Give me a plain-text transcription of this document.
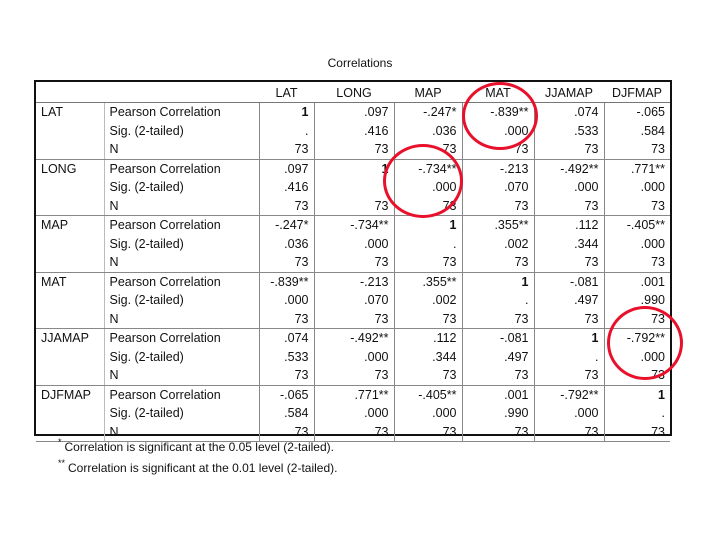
Correlations
		LAT	LONG	MAP	MAT	JJAMAP	DJFMAP
LAT	Pearson Correlation	1	.097	-.247*	-.839**	.074	-.065
	Sig. (2-tailed)	.	.416	.036	.000	.533	.584
	N	73	73	73	73	73	73
LONG	Pearson Correlation	.097	1	-.734**	-.213	-.492**	.771**
	Sig. (2-tailed)	.416	.	.000	.070	.000	.000
	N	73	73	73	73	73	73
MAP	Pearson Correlation	-.247*	-.734**	1	.355**	.112	-.405**
	Sig. (2-tailed)	.036	.000	.	.002	.344	.000
	N	73	73	73	73	73	73
MAT	Pearson Correlation	-.839**	-.213	.355**	1	-.081	.001
	Sig. (2-tailed)	.000	.070	.002	.	.497	.990
	N	73	73	73	73	73	73
JJAMAP	Pearson Correlation	.074	-.492**	.112	-.081	1	-.792**
	Sig. (2-tailed)	.533	.000	.344	.497	.	.000
	N	73	73	73	73	73	73
DJFMAP	Pearson Correlation	-.065	.771**	-.405**	.001	-.792**	1
	Sig. (2-tailed)	.584	.000	.000	.990	.000	.
	N	73	73	73	73	73	73
* Correlation is significant at the 0.05 level (2-tailed).
** Correlation is significant at the 0.01 level (2-tailed).
